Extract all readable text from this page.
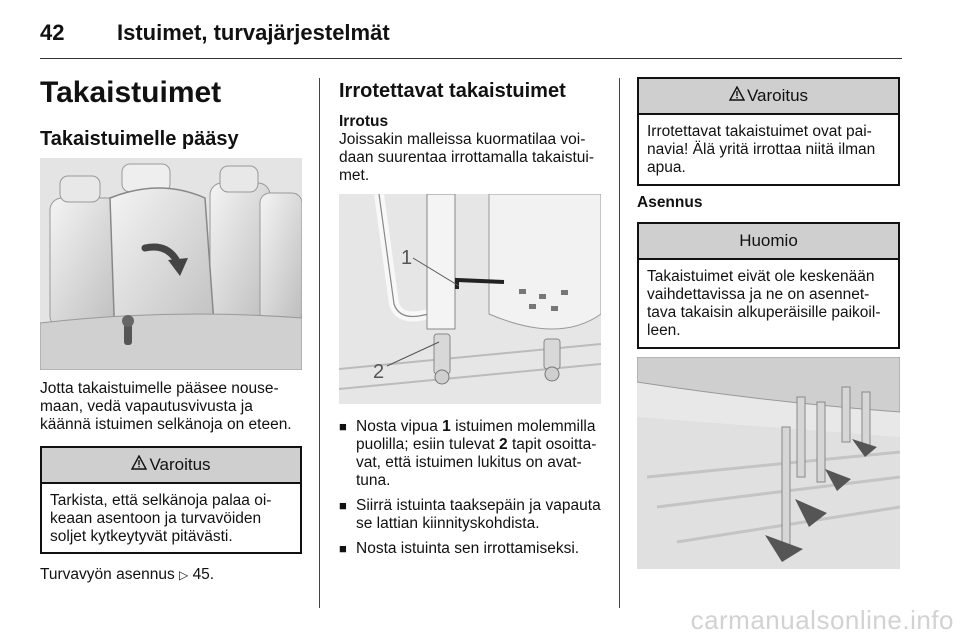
42 Istuimet, turvajärjestelmät
Takaistuimet
Takaistuimelle pääsy
Jotta takaistuimelle pääsee nouse-
maan, vedä vapautusvivusta ja
käännä istuimen selkänoja on eteen.
Varoitus
Tarkista, että selkänoja palaa oi-
keaan asentoon ja turvavöiden
soljet kytkeytyvät pitävästi.
Turvavyön asennus ▷ 45.
Irrotettavat takaistuimet
Irrotus
Joissakin malleissa kuormatilaa voi-
daan suurentaa irrottamalla takaistui-
met.
1
2
■ Nosta vipua 1 istuimen molemmilla
puolilla; esiin tulevat 2 tapit osoitta-
vat, että istuimen lukitus on avat-
tuna.
■ Siirrä istuinta taaksepäin ja vapauta
se lattian kiinnityskohdista.
■ Nosta istuinta sen irrottamiseksi.
Varoitus
Irrotettavat takaistuimet ovat pai-
navia! Älä yritä irrottaa niitä ilman
apua.
Asennus
Huomio
Takaistuimet eivät ole keskenään
vaihdettavissa ja ne on asennet-
tava takaisin alkuperäisille paikoil-
leen.
carmanualsonline.info
